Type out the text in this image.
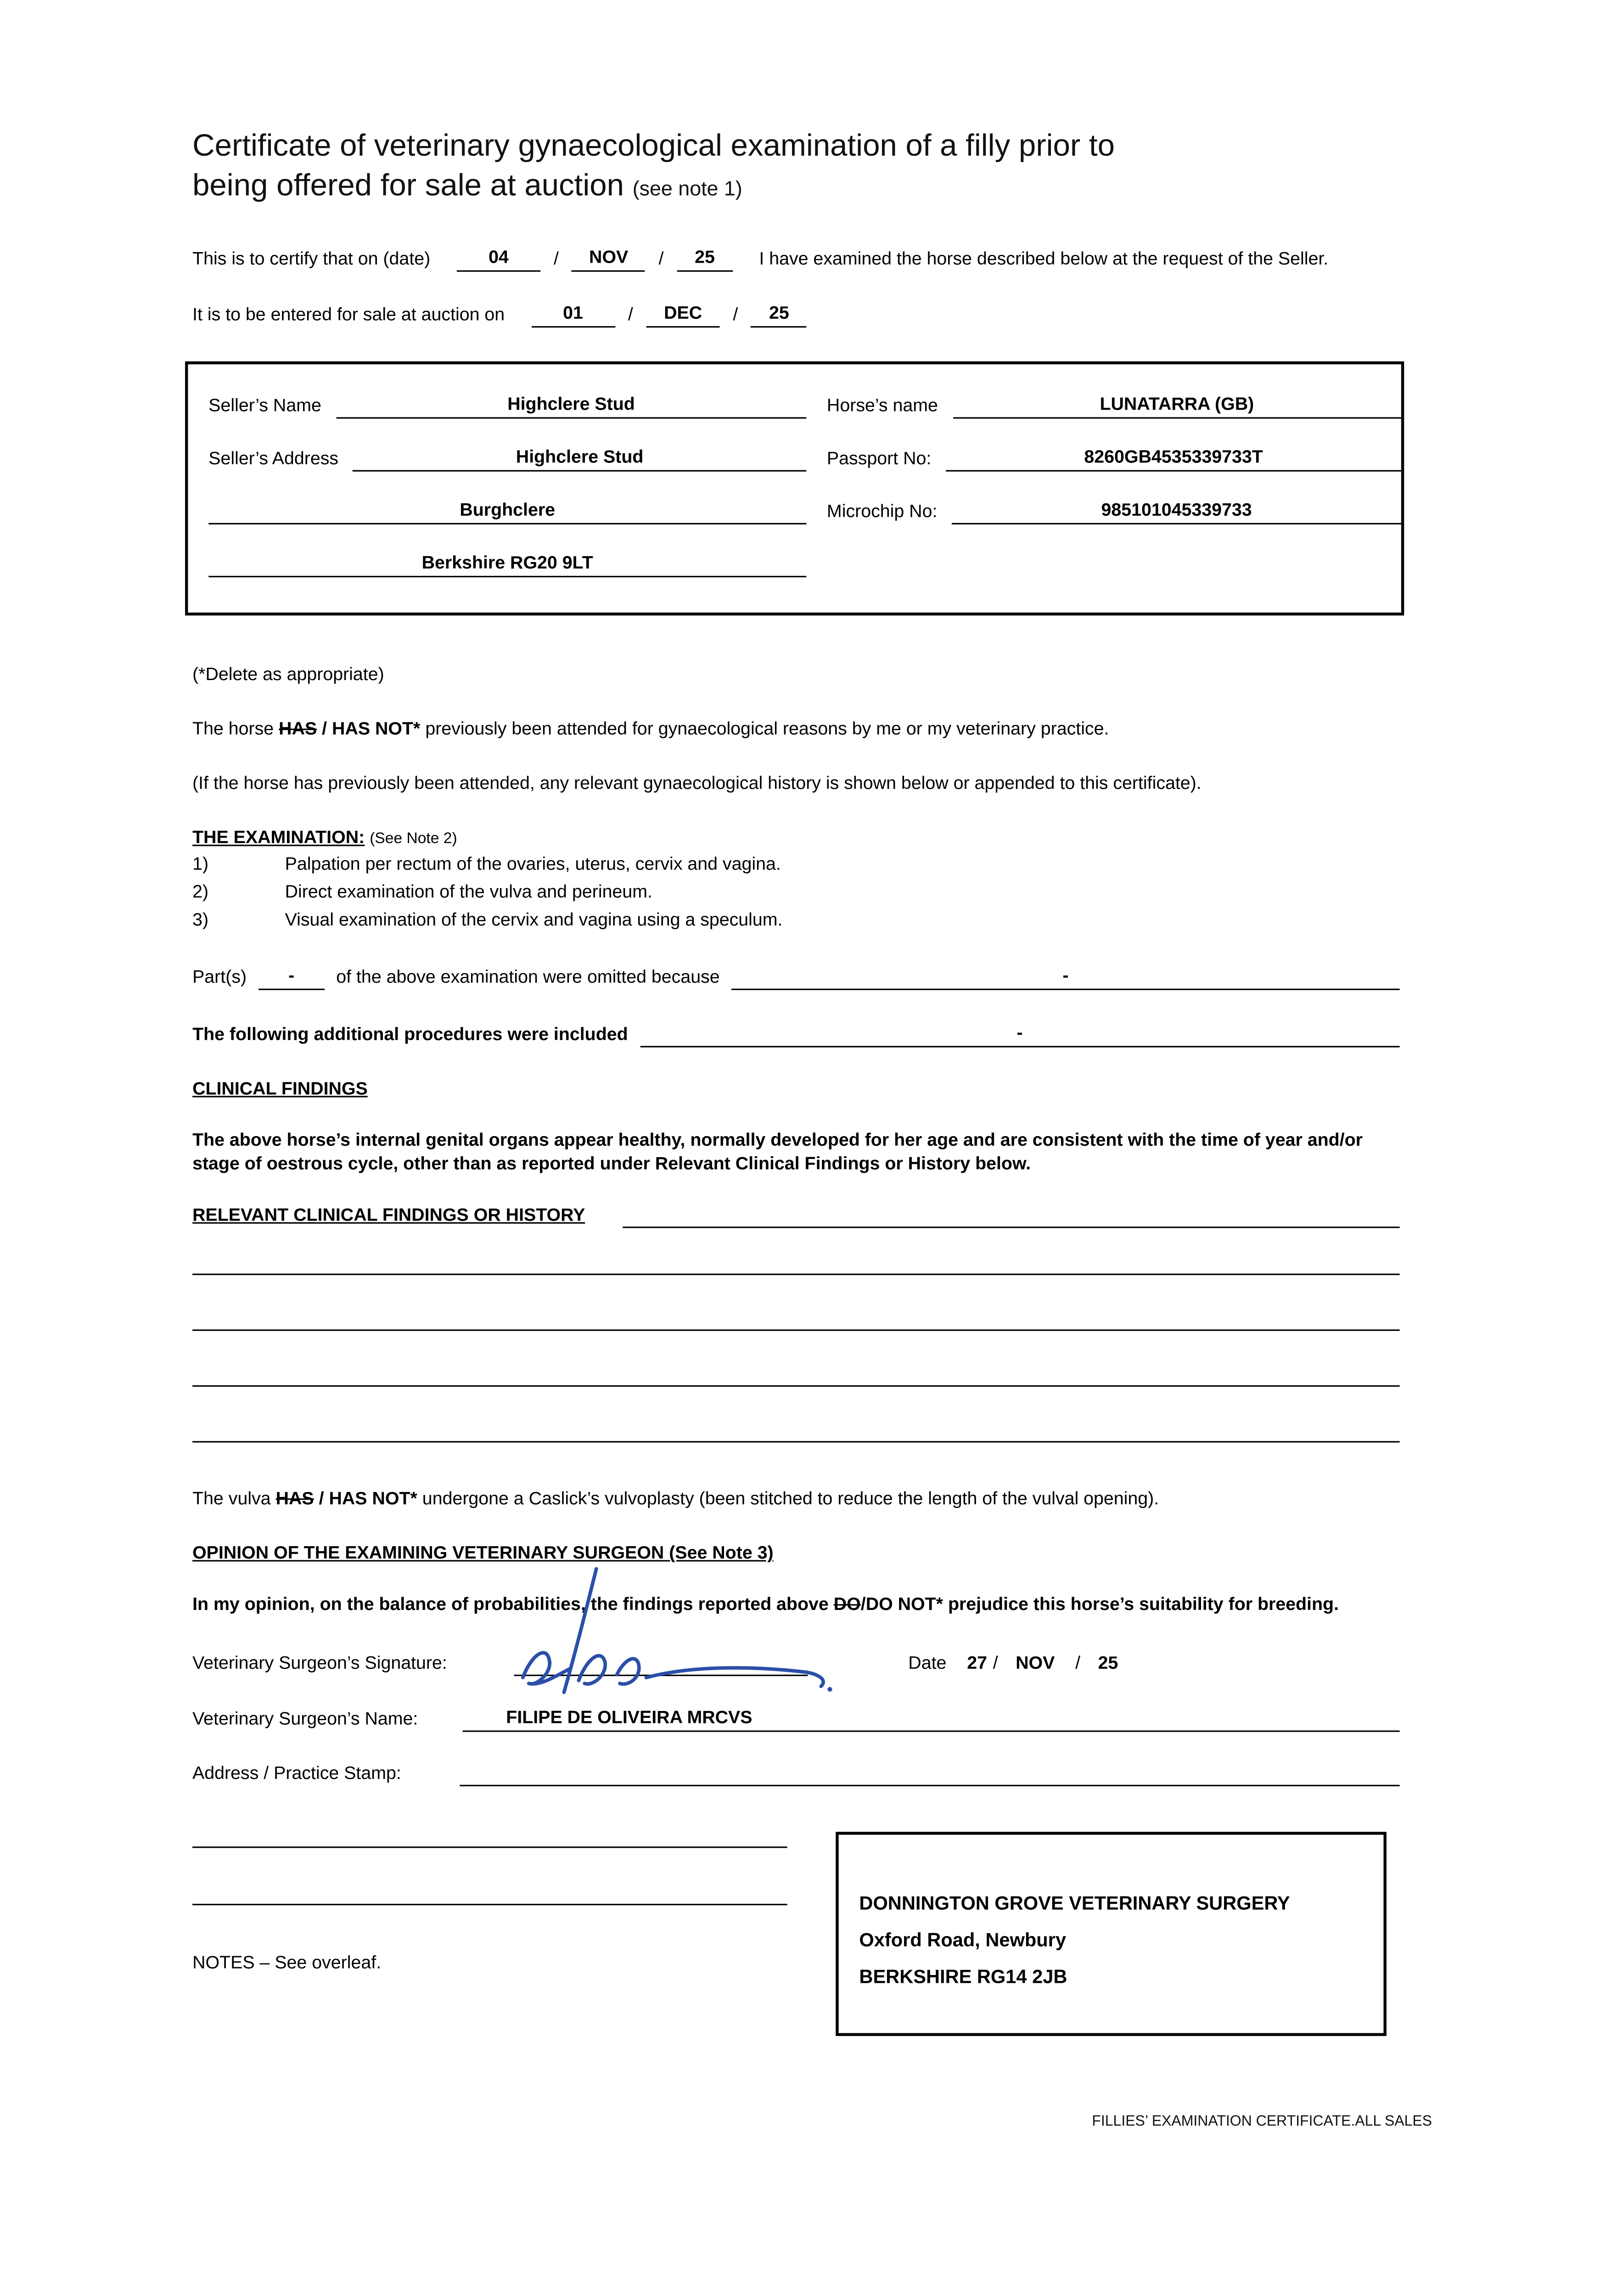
Certificate of veterinary gynaecological examination of a filly prior to
being offered for sale at auction (see note 1)
This is to certify that on (date)	04	/	NOV	/	25	I have examined the horse described below at the request of the Seller.
It is to be entered for sale at auction on	01	/	DEC	/	25
Seller’s Name	Highclere Stud	Horse’s name	LUNATARRA (GB)
Seller’s Address	Highclere Stud	Passport No:	8260GB4535339733T
Burghclere	Microchip No:	985101045339733
Berkshire RG20 9LT
(*Delete as appropriate)
The horse HAS / HAS NOT* previously been attended for gynaecological reasons by me or my veterinary practice.
(If the horse has previously been attended, any relevant gynaecological history is shown below or appended to this certificate).
THE EXAMINATION: (See Note 2)
1)	Palpation per rectum of the ovaries, uterus, cervix and vagina.
2)	Direct examination of the vulva and perineum.
3)	Visual examination of the cervix and vagina using a speculum.
Part(s)	-	of the above examination were omitted because	-
The following additional procedures were included	-
CLINICAL FINDINGS
The above horse’s internal genital organs appear healthy, normally developed for her age and are consistent with the time of year and/or stage of oestrous cycle, other than as reported under Relevant Clinical Findings or History below.
RELEVANT CLINICAL FINDINGS OR HISTORY
The vulva HAS / HAS NOT* undergone a Caslick’s vulvoplasty (been stitched to reduce the length of the vulval opening).
OPINION OF THE EXAMINING VETERINARY SURGEON (See Note 3)
In my opinion, on the balance of probabilities, the findings reported above DO/DO NOT* prejudice this horse’s suitability for breeding.
Veterinary Surgeon’s Signature:	Date	27 /	NOV	/	25
Veterinary Surgeon’s Name:	FILIPE DE OLIVEIRA MRCVS
Address / Practice Stamp:
NOTES – See overleaf.
DONNINGTON GROVE VETERINARY SURGERY
Oxford Road, Newbury
BERKSHIRE RG14 2JB
FILLIES’ EXAMINATION CERTIFICATE.ALL SALES
